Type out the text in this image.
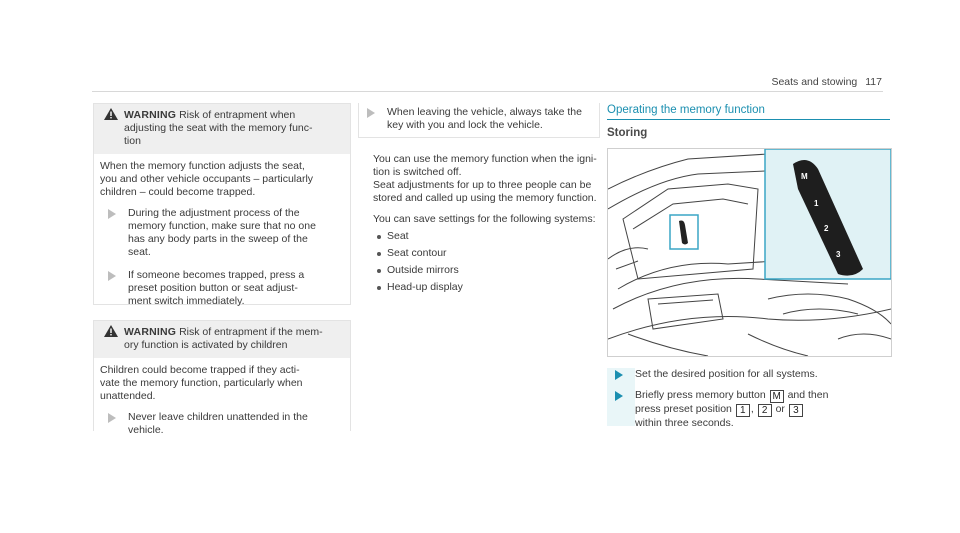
Seats and stowing 117
WARNING Risk of entrapment when
adjusting the seat with the memory func-
tion
When the memory function adjusts the seat,
you and other vehicle occupants – particularly
children – could become trapped.
During the adjustment process of the
memory function, make sure that no one
has any body parts in the sweep of the
seat.
If someone becomes trapped, press a
preset position button or seat adjust-
ment switch immediately.
WARNING Risk of entrapment if the mem-
ory function is activated by children
Children could become trapped if they acti-
vate the memory function, particularly when
unattended.
Never leave children unattended in the
vehicle.
When leaving the vehicle, always take the
key with you and lock the vehicle.
You can use the memory function when the igni-
tion is switched off.
Seat adjustments for up to three people can be
stored and called up using the memory function.
You can save settings for the following systems:
Seat
Seat contour
Outside mirrors
Head-up display
Operating the memory function
Storing
M
1
2
3
Set the desired position for all systems.
Briefly press memory button M and then
press preset position 1 , 2 or 3
within three seconds.
